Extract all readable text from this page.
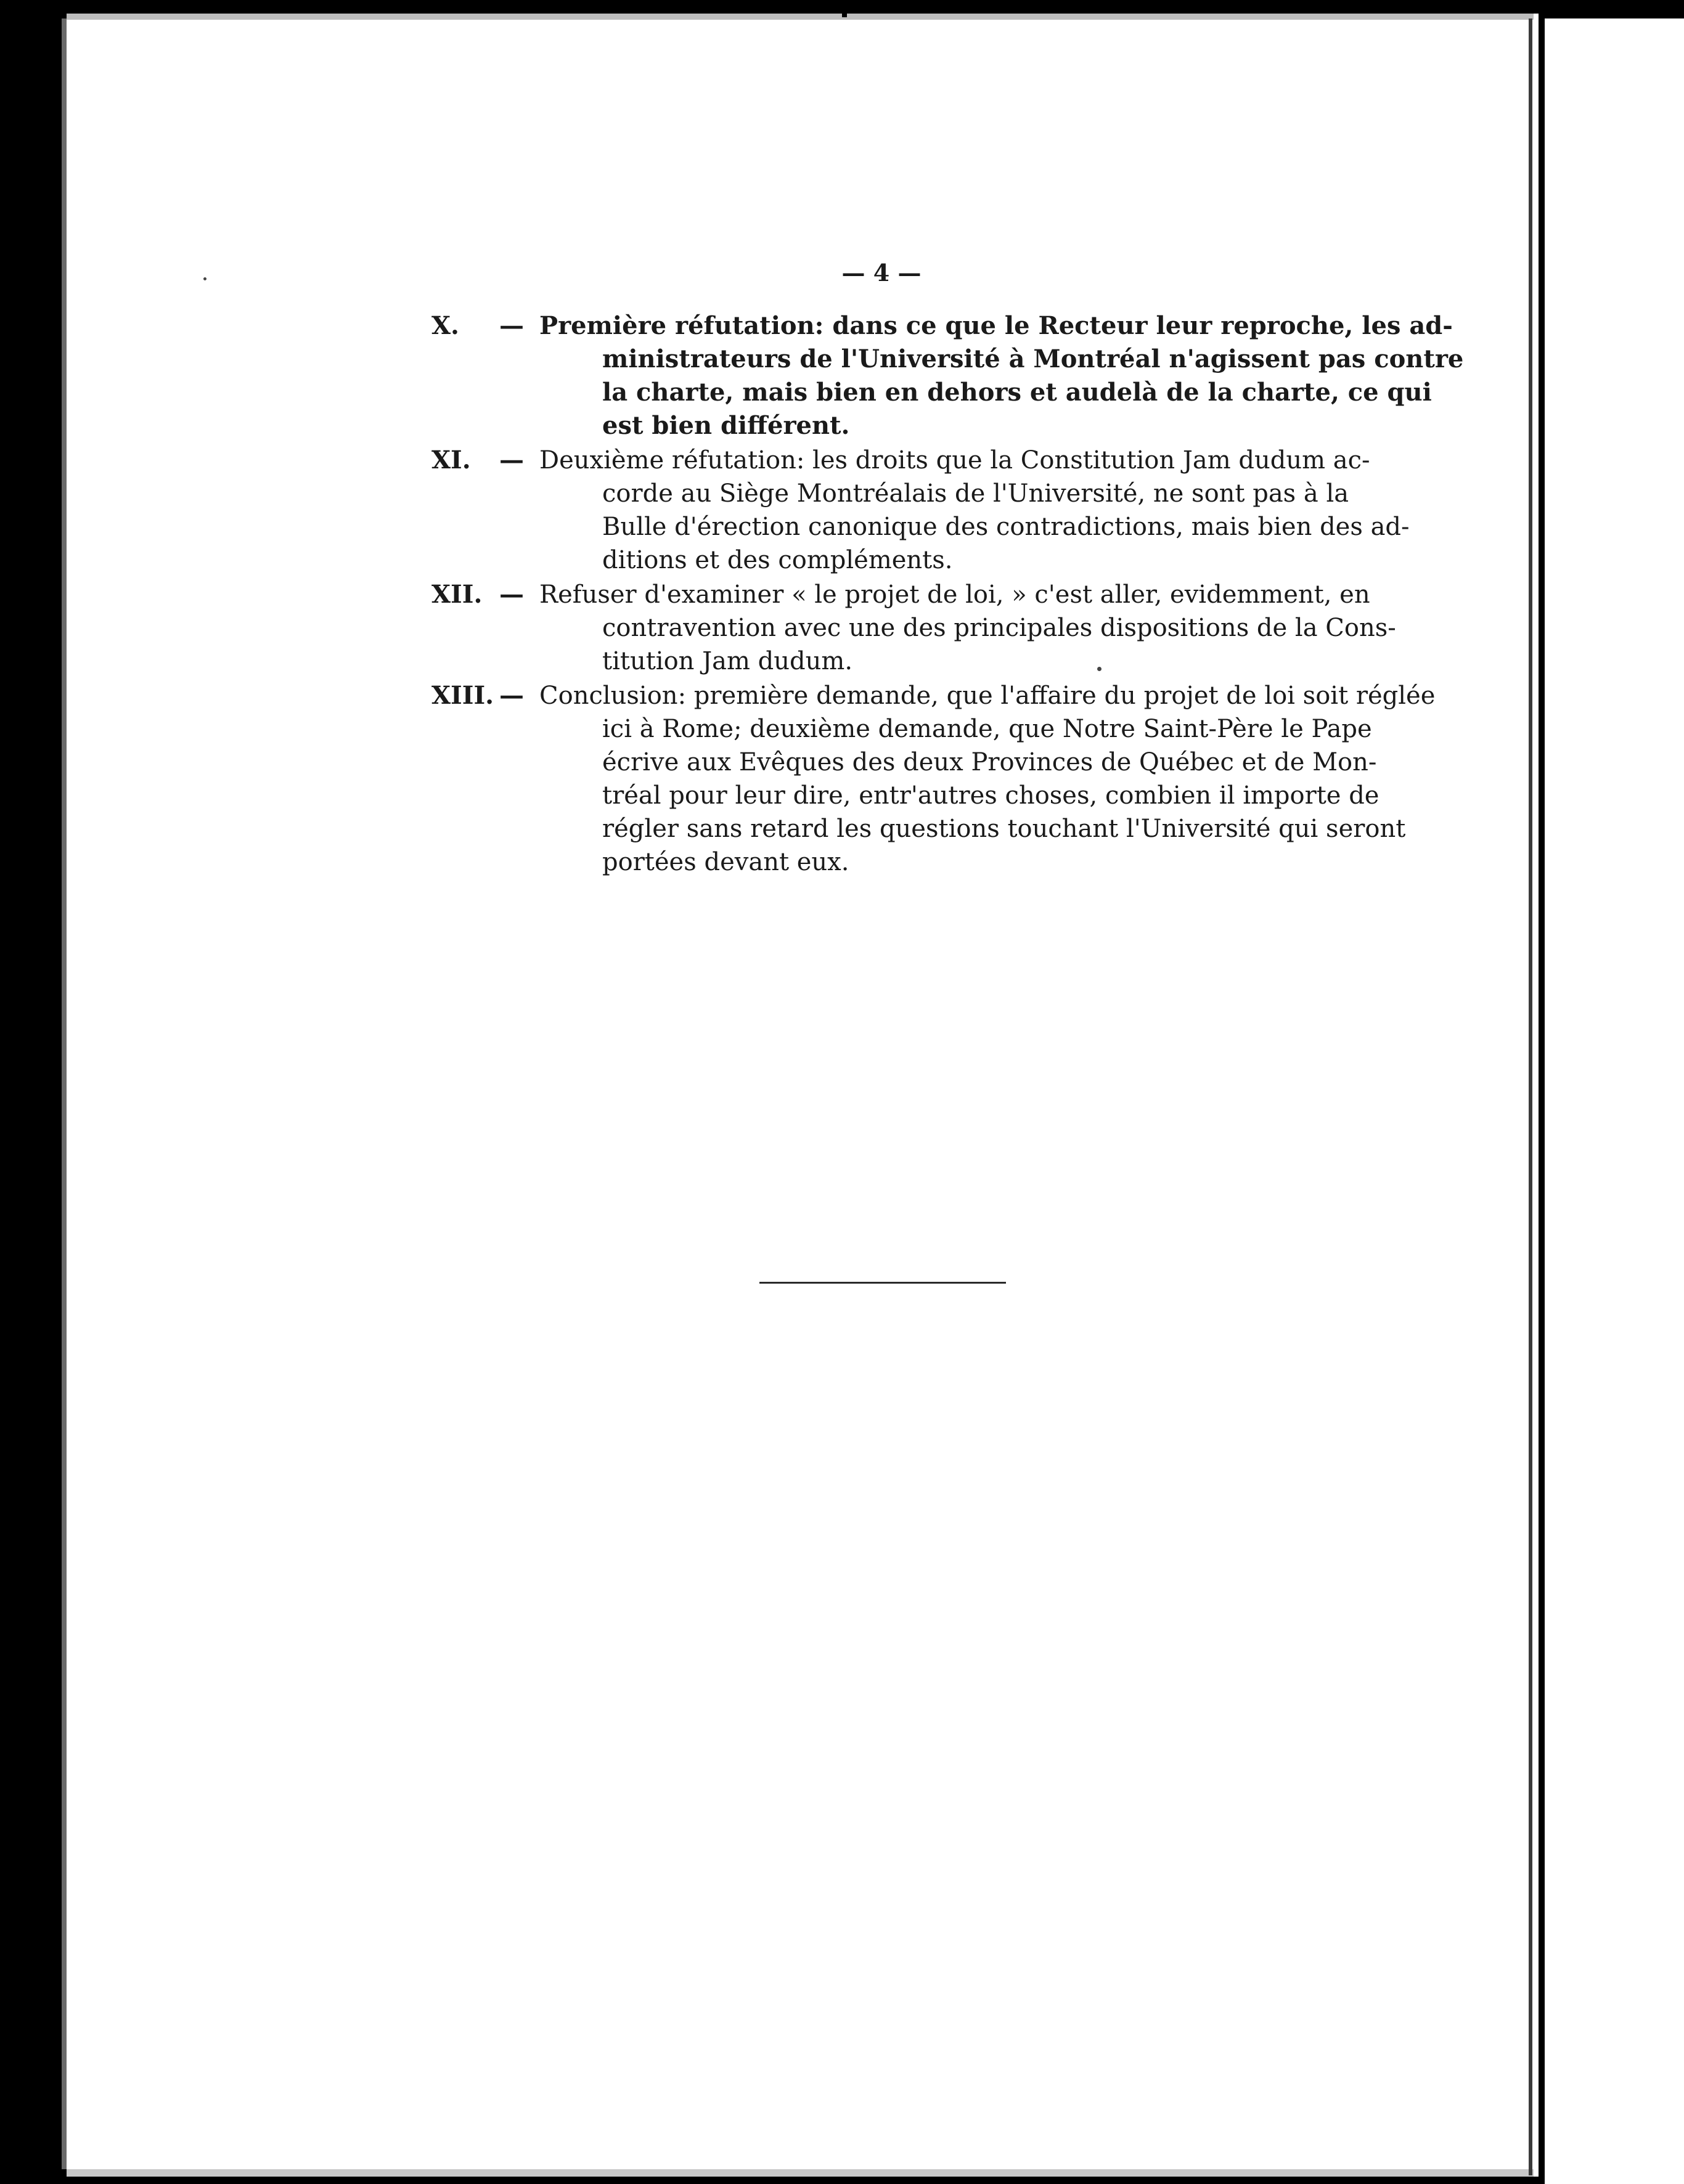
— 4 —
X.	— Première réfutation: dans ce que le Recteur leur reproche, les ad-
ministrateurs de l'Université à Montréal n'agissent pas contre
la charte, mais bien en dehors et audelà de la charte, ce qui
est bien différent.
XI.	— Deuxième réfutation: les droits que la Constitution Jam dudum ac-
corde au Siège Montréalais de l'Université, ne sont pas à la
Bulle d'érection canonique des contradictions, mais bien des ad-
ditions et des compléments.
XII. — Refuser d'examiner « le projet de loi, » c'est aller, evidemment, en
contravention avec une des principales dispositions de la Cons-
titution Jam dudum.
XIII. — Conclusion: première demande, que l'affaire du projet de loi soit réglée
ici à Rome; deuxième demande, que Notre Saint-Père le Pape
écrive aux Evêques des deux Provinces de Québec et de Mon-
tréal pour leur dire, entr'autres choses, combien il importe de
régler sans retard les questions touchant l'Université qui seront
portées devant eux.
